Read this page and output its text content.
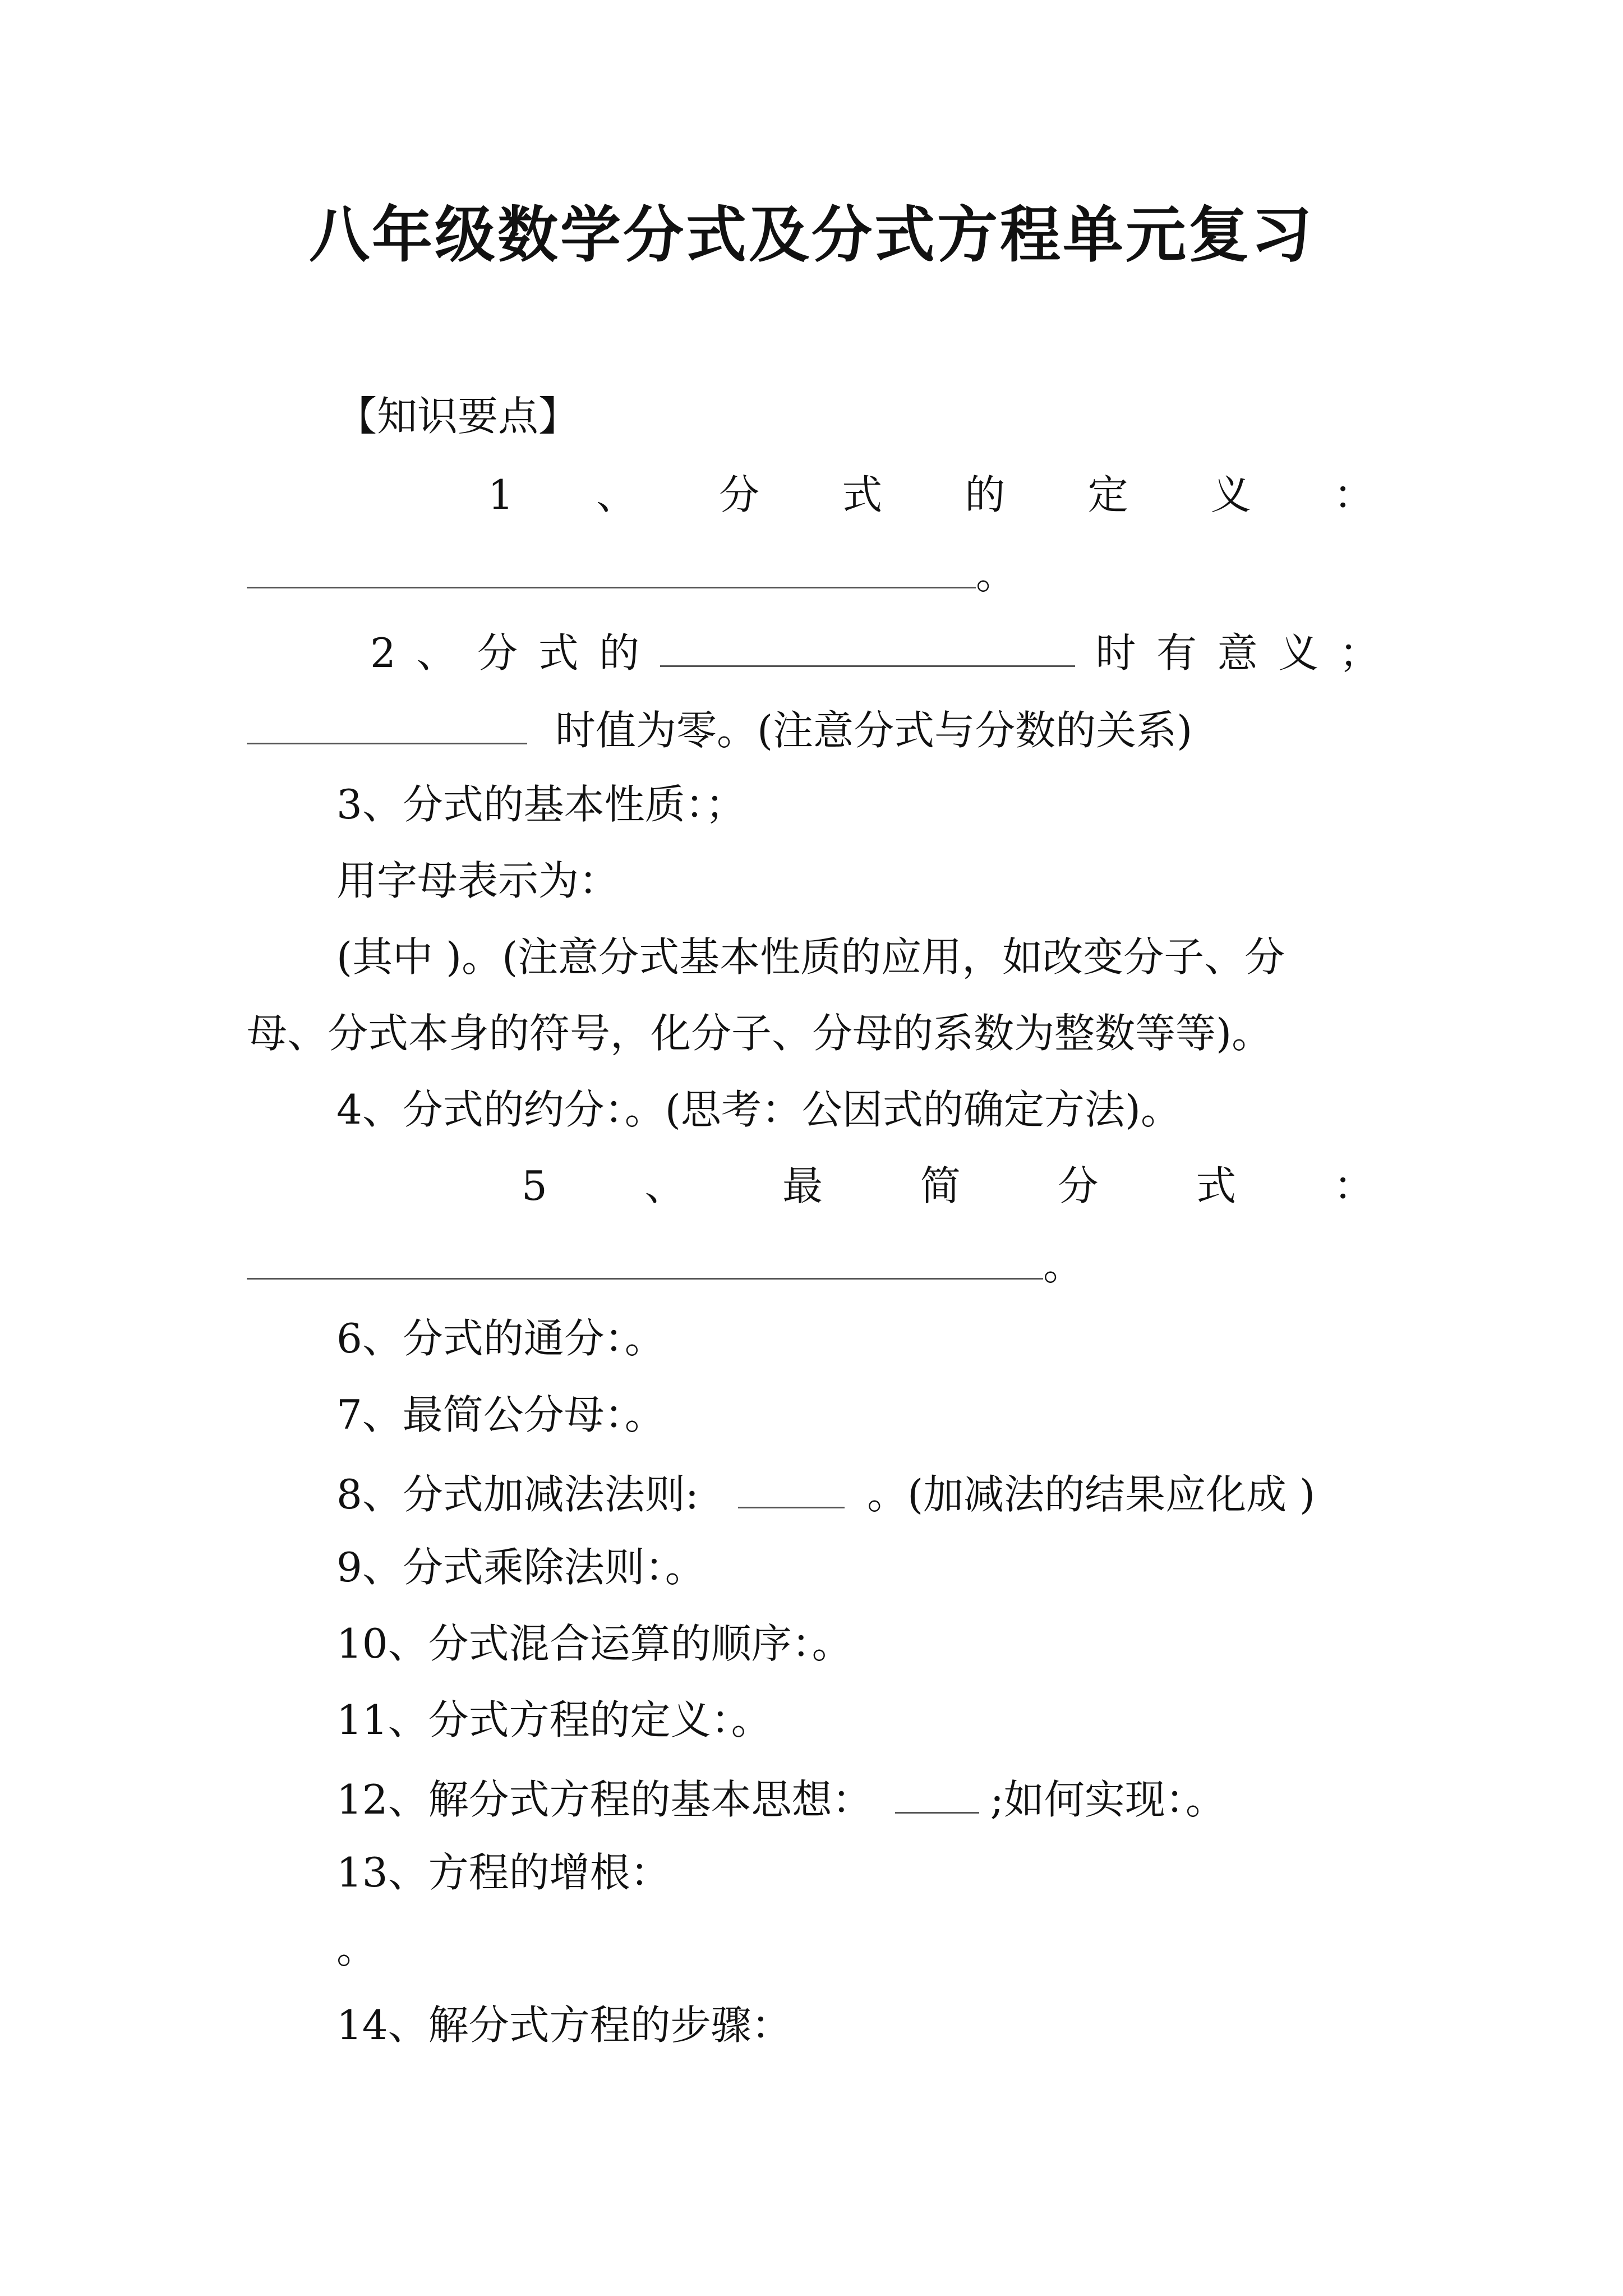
八年级数学分式及分式方程单元复习
【知识要点】
1 、 分 式 的 定 义 ：
。
2 、 分 式 的	时 有 意 义 ；
时值为零。(注意分式与分数的关系)
3、分式的基本性质：；
用字母表示为：
(其中 )。(注意分式基本性质的应用，如改变分子、分
母、分式本身的符号，化分子、分母的系数为整数等等)。
4、分式的约分：。(思考：公因式的确定方法)。
5 、 最 简 分 式 ：
。
6、分式的通分：。
7、最简公分母：。
8、分式加减法法则:	。(加减法的结果应化成 )
9、分式乘除法则：。
10、分式混合运算的顺序：。
11、分式方程的定义：。
12、解分式方程的基本思想：	;如何实现：。
13、方程的增根：
。
14、解分式方程的步骤：
